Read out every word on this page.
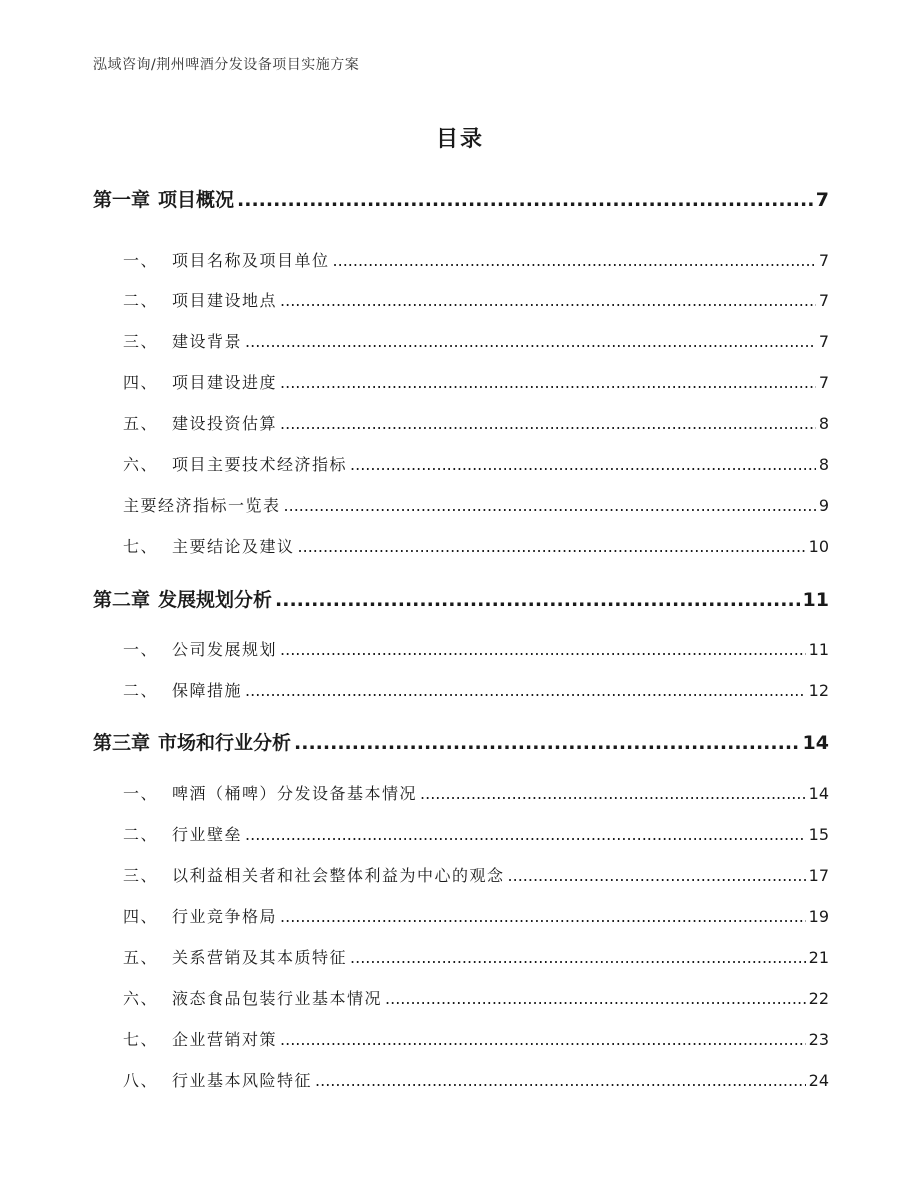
泓域咨询/荆州啤酒分发设备项目实施方案
目录
第一章 项目概况 .....	7
一、 项目名称及项目单位 .....	7
二、 项目建设地点 .....	7
三、 建设背景 .....	7
四、 项目建设进度 .....	7
五、 建设投资估算 .....	8
六、 项目主要技术经济指标 .....	8
主要经济指标一览表 .....	9
七、 主要结论及建议 .....	10
第二章 发展规划分析 .....	11
一、 公司发展规划 .....	11
二、 保障措施 .....	12
第三章 市场和行业分析 .....	14
一、 啤酒（桶啤）分发设备基本情况 .....	14
二、 行业壁垒 .....	15
三、 以利益相关者和社会整体利益为中心的观念 .....	17
四、 行业竞争格局 .....	19
五、 关系营销及其本质特征 .....	21
六、 液态食品包装行业基本情况 .....	22
七、 企业营销对策 .....	23
八、 行业基本风险特征 .....	24
